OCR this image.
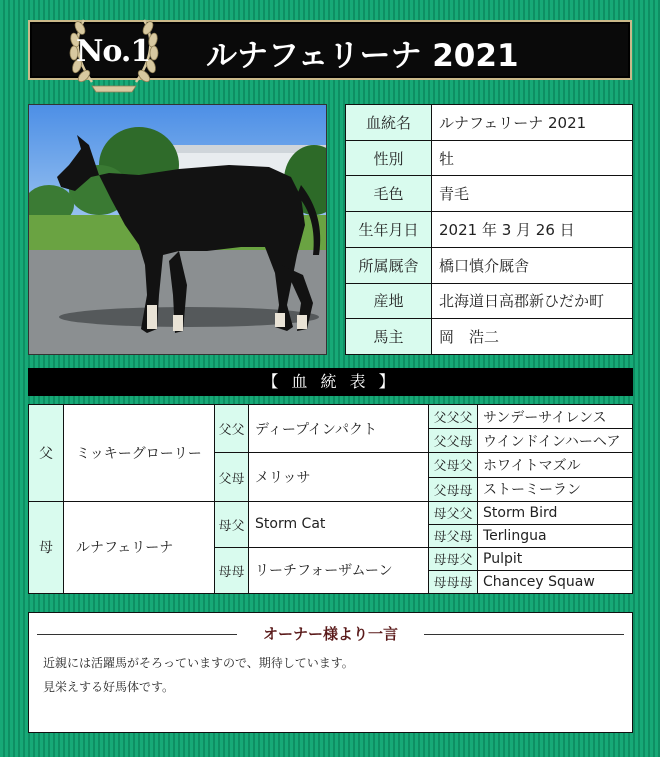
No.1 ルナフェリーナ 2021
血統名	ルナフェリーナ 2021
性別	牡
毛色	青毛
生年月日	2021 年 3 月 26 日
所属厩舎	橋口慎介厩舎
産地	北海道日高郡新ひだか町
馬主	岡　浩二
【 血 統 表 】
父	ミッキーグローリー	父父	ディープインパクト	父父父	サンデーサイレンス
				父父母	ウインドインハーヘア
		父母	メリッサ	父母父	ホワイトマズル
				父母母	ストーミーラン
母	ルナフェリーナ	母父	Storm Cat	母父父	Storm Bird
				母父母	Terlingua
		母母	リーチフォーザムーン	母母父	Pulpit
				母母母	Chancey Squaw
オーナー様より一言
近親には活躍馬がそろっていますので、期待しています。
見栄えする好馬体です。
